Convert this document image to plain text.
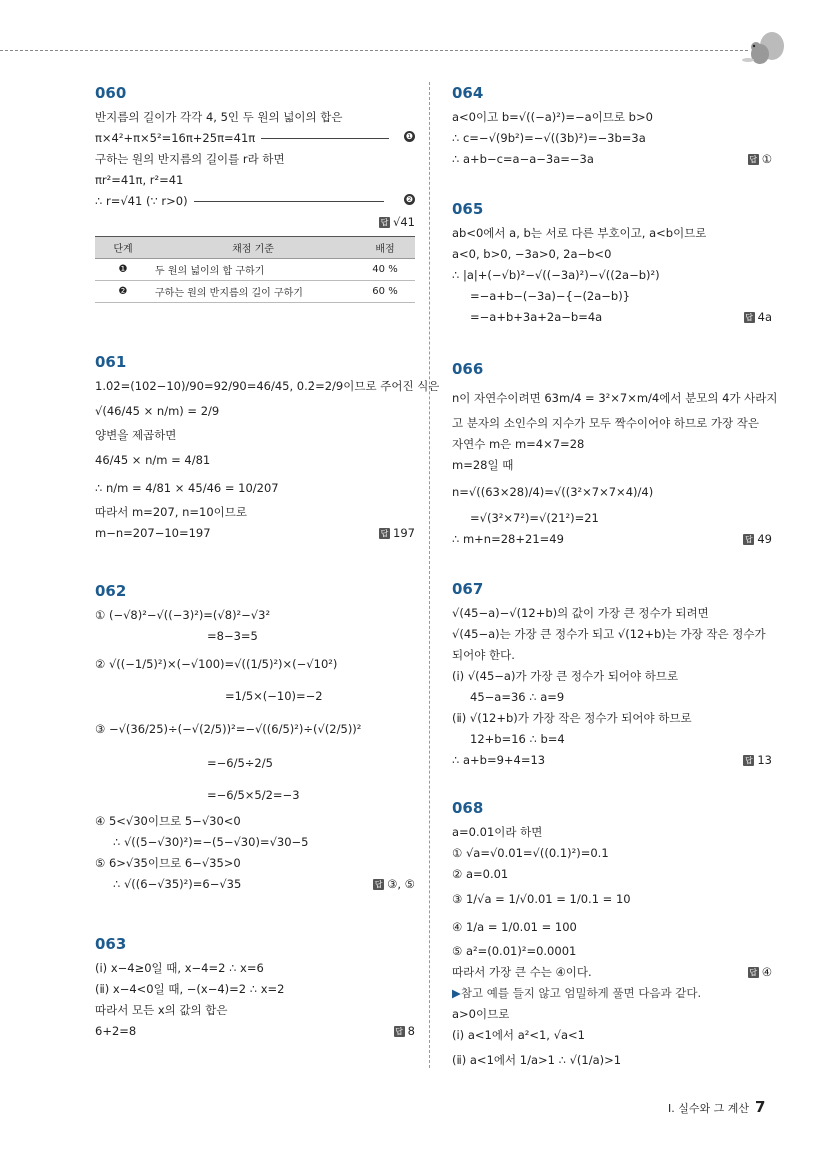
060
반지름의 길이가 각각 4, 5인 두 원의 넓이의 합은
π×4²+π×5²=16π+25π=41π	❶
구하는 원의 반지름의 길이를 r라 하면
πr²=41π, r²=41
∴ r=√41 (∵ r>0)	❷
답 √41
단계	채점 기준	배점
❶	두 원의 넓이의 합 구하기	40 %
❷	구하는 원의 반지름의 길이 구하기	60 %
061
1.0̇2̇=(102−10)/90=92/90=46/45, 0.2̇=2/9이므로 주어진 식은
√(46/45 × n/m) = 2/9
양변을 제곱하면
46/45 × n/m = 4/81
∴ n/m = 4/81 × 45/46 = 10/207
따라서 m=207, n=10이므로
m−n=207−10=197	답 197
062
① (−√8)²−√((−3)²)=(√8)²−√3²
=8−3=5
② √((−1/5)²)×(−√100)=√((1/5)²)×(−√10²)
=1/5×(−10)=−2
③ −√(36/25)÷(−√(2/5))²=−√((6/5)²)÷(√(2/5))²
=−6/5÷2/5
=−6/5×5/2=−3
④ 5<√30이므로 5−√30<0
∴ √((5−√30)²)=−(5−√30)=√30−5
⑤ 6>√35이므로 6−√35>0
∴ √((6−√35)²)=6−√35	답 ③, ⑤
063
(ⅰ) x−4≥0일 때, x−4=2 ∴ x=6
(ⅱ) x−4<0일 때, −(x−4)=2 ∴ x=2
따라서 모든 x의 값의 합은
6+2=8	답 8
064
a<0이고 b=√((−a)²)=−a이므로 b>0
∴ c=−√(9b²)=−√((3b)²)=−3b=3a
∴ a+b−c=a−a−3a=−3a	답 ①
065
ab<0에서 a, b는 서로 다른 부호이고, a<b이므로
a<0, b>0, −3a>0, 2a−b<0
∴ |a|+(−√b)²−√((−3a)²)−√((2a−b)²)
=−a+b−(−3a)−{−(2a−b)}
=−a+b+3a+2a−b=4a	답 4a
066
n이 자연수이려면 63m/4 = 3²×7×m/4에서 분모의 4가 사라지
고 분자의 소인수의 지수가 모두 짝수이어야 하므로 가장 작은
자연수 m은 m=4×7=28
m=28일 때
n=√((63×28)/4)=√((3²×7×7×4)/4)
=√(3²×7²)=√(21²)=21
∴ m+n=28+21=49	답 49
067
√(45−a)−√(12+b)의 값이 가장 큰 정수가 되려면
√(45−a)는 가장 큰 정수가 되고 √(12+b)는 가장 작은 정수가
되어야 한다.
(ⅰ) √(45−a)가 가장 큰 정수가 되어야 하므로
45−a=36 ∴ a=9
(ⅱ) √(12+b)가 가장 작은 정수가 되어야 하므로
12+b=16 ∴ b=4
∴ a+b=9+4=13	답 13
068
a=0.01이라 하면
① √a=√0.01=√((0.1)²)=0.1
② a=0.01
③ 1/√a = 1/√0.01 = 1/0.1 = 10
④ 1/a = 1/0.01 = 100
⑤ a²=(0.01)²=0.0001
따라서 가장 큰 수는 ④이다.	답 ④
▶참고 예를 들지 않고 엄밀하게 풀면 다음과 같다.
a>0이므로
(ⅰ) a<1에서 a²<1, √a<1
(ⅱ) a<1에서 1/a>1 ∴ √(1/a)>1
Ⅰ. 실수와 그 계산 7
